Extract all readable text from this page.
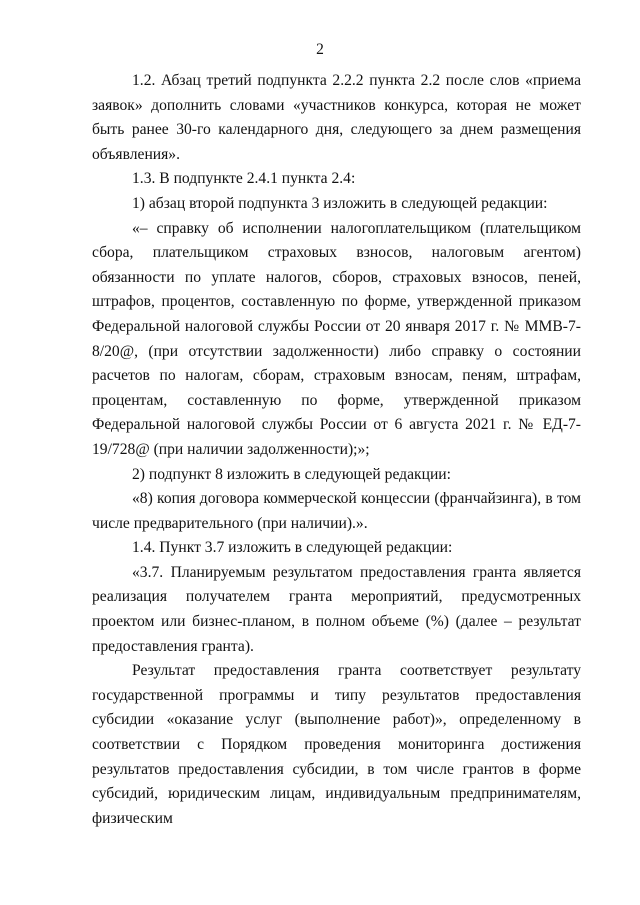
2

1.2. Абзац третий подпункта 2.2.2 пункта 2.2 после слов «приема заявок» дополнить словами «участников конкурса, которая не может быть ранее 30-го календарного дня, следующего за днем размещения объявления».

1.3. В подпункте 2.4.1 пункта 2.4:

1) абзац второй подпункта 3 изложить в следующей редакции:

«– справку об исполнении налогоплательщиком (плательщиком сбора, плательщиком страховых взносов, налоговым агентом) обязанности по уплате налогов, сборов, страховых взносов, пеней, штрафов, процентов, составленную по форме, утвержденной приказом Федеральной налоговой службы России от 20 января 2017 г. № ММВ-7-8/20@, (при отсутствии задолженности) либо справку о состоянии расчетов по налогам, сборам, страховым взносам, пеням, штрафам, процентам, составленную по форме, утвержденной приказом Федеральной налоговой службы России от 6 августа 2021 г. № ЕД-7-19/728@ (при наличии задолженности);»;

2) подпункт 8 изложить в следующей редакции:

«8) копия договора коммерческой концессии (франчайзинга), в том числе предварительного (при наличии).».

1.4. Пункт 3.7 изложить в следующей редакции:

«3.7. Планируемым результатом предоставления гранта является реализация получателем гранта мероприятий, предусмотренных проектом или бизнес-планом, в полном объеме (%) (далее – результат предоставления гранта).

Результат предоставления гранта соответствует результату государственной программы и типу результатов предоставления субсидии «оказание услуг (выполнение работ)», определенному в соответствии с Порядком проведения мониторинга достижения результатов предоставления субсидии, в том числе грантов в форме субсидий, юридическим лицам, индивидуальным предпринимателям, физическим
